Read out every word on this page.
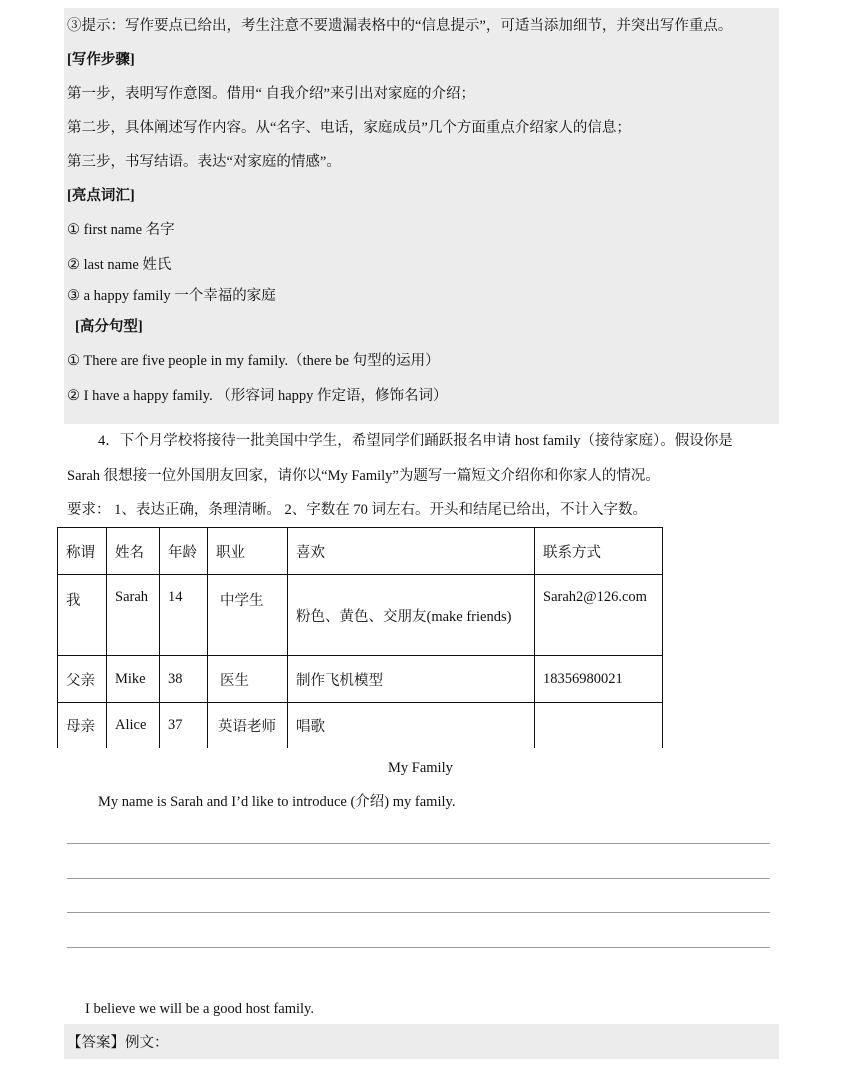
③提示：写作要点已给出，考生注意不要遗漏表格中的“信息提示”，可适当添加细节，并突出写作重点。
[写作步骤]
第一步，表明写作意图。借用“ 自我介绍”来引出对家庭的介绍；
第二步，具体阐述写作内容。从“名字、电话，家庭成员”几个方面重点介绍家人的信息；
第三步，书写结语。表达“对家庭的情感”。
[亮点词汇]
① first name 名字
② last name 姓氏
③ a happy family 一个幸福的家庭
[高分句型]
① There are five people in my family.（there be 句型的运用）
② I have a happy family. （形容词 happy 作定语，修饰名词）
4．下个月学校将接待一批美国中学生，希望同学们踊跃报名申请 host family（接待家庭）。假设你是
Sarah 很想接一位外国朋友回家，请你以“My Family”为题写一篇短文介绍你和你家人的情况。
要求： 1、表达正确，条理清晰。 2、字数在 70 词左右。开头和结尾已给出，不计入字数。
称谓	姓名	年龄	职业	喜欢	联系方式
我	Sarah	14	中学生	粉色、黄色、交朋友(make friends)	Sarah2@126.com
父亲	Mike	38	医生	制作飞机模型	18356980021
母亲	Alice	37	英语老师	唱歌	
My Family
My name is Sarah and I’d like to introduce (介绍) my family.
I believe we will be a good host family.
【答案】例文：
